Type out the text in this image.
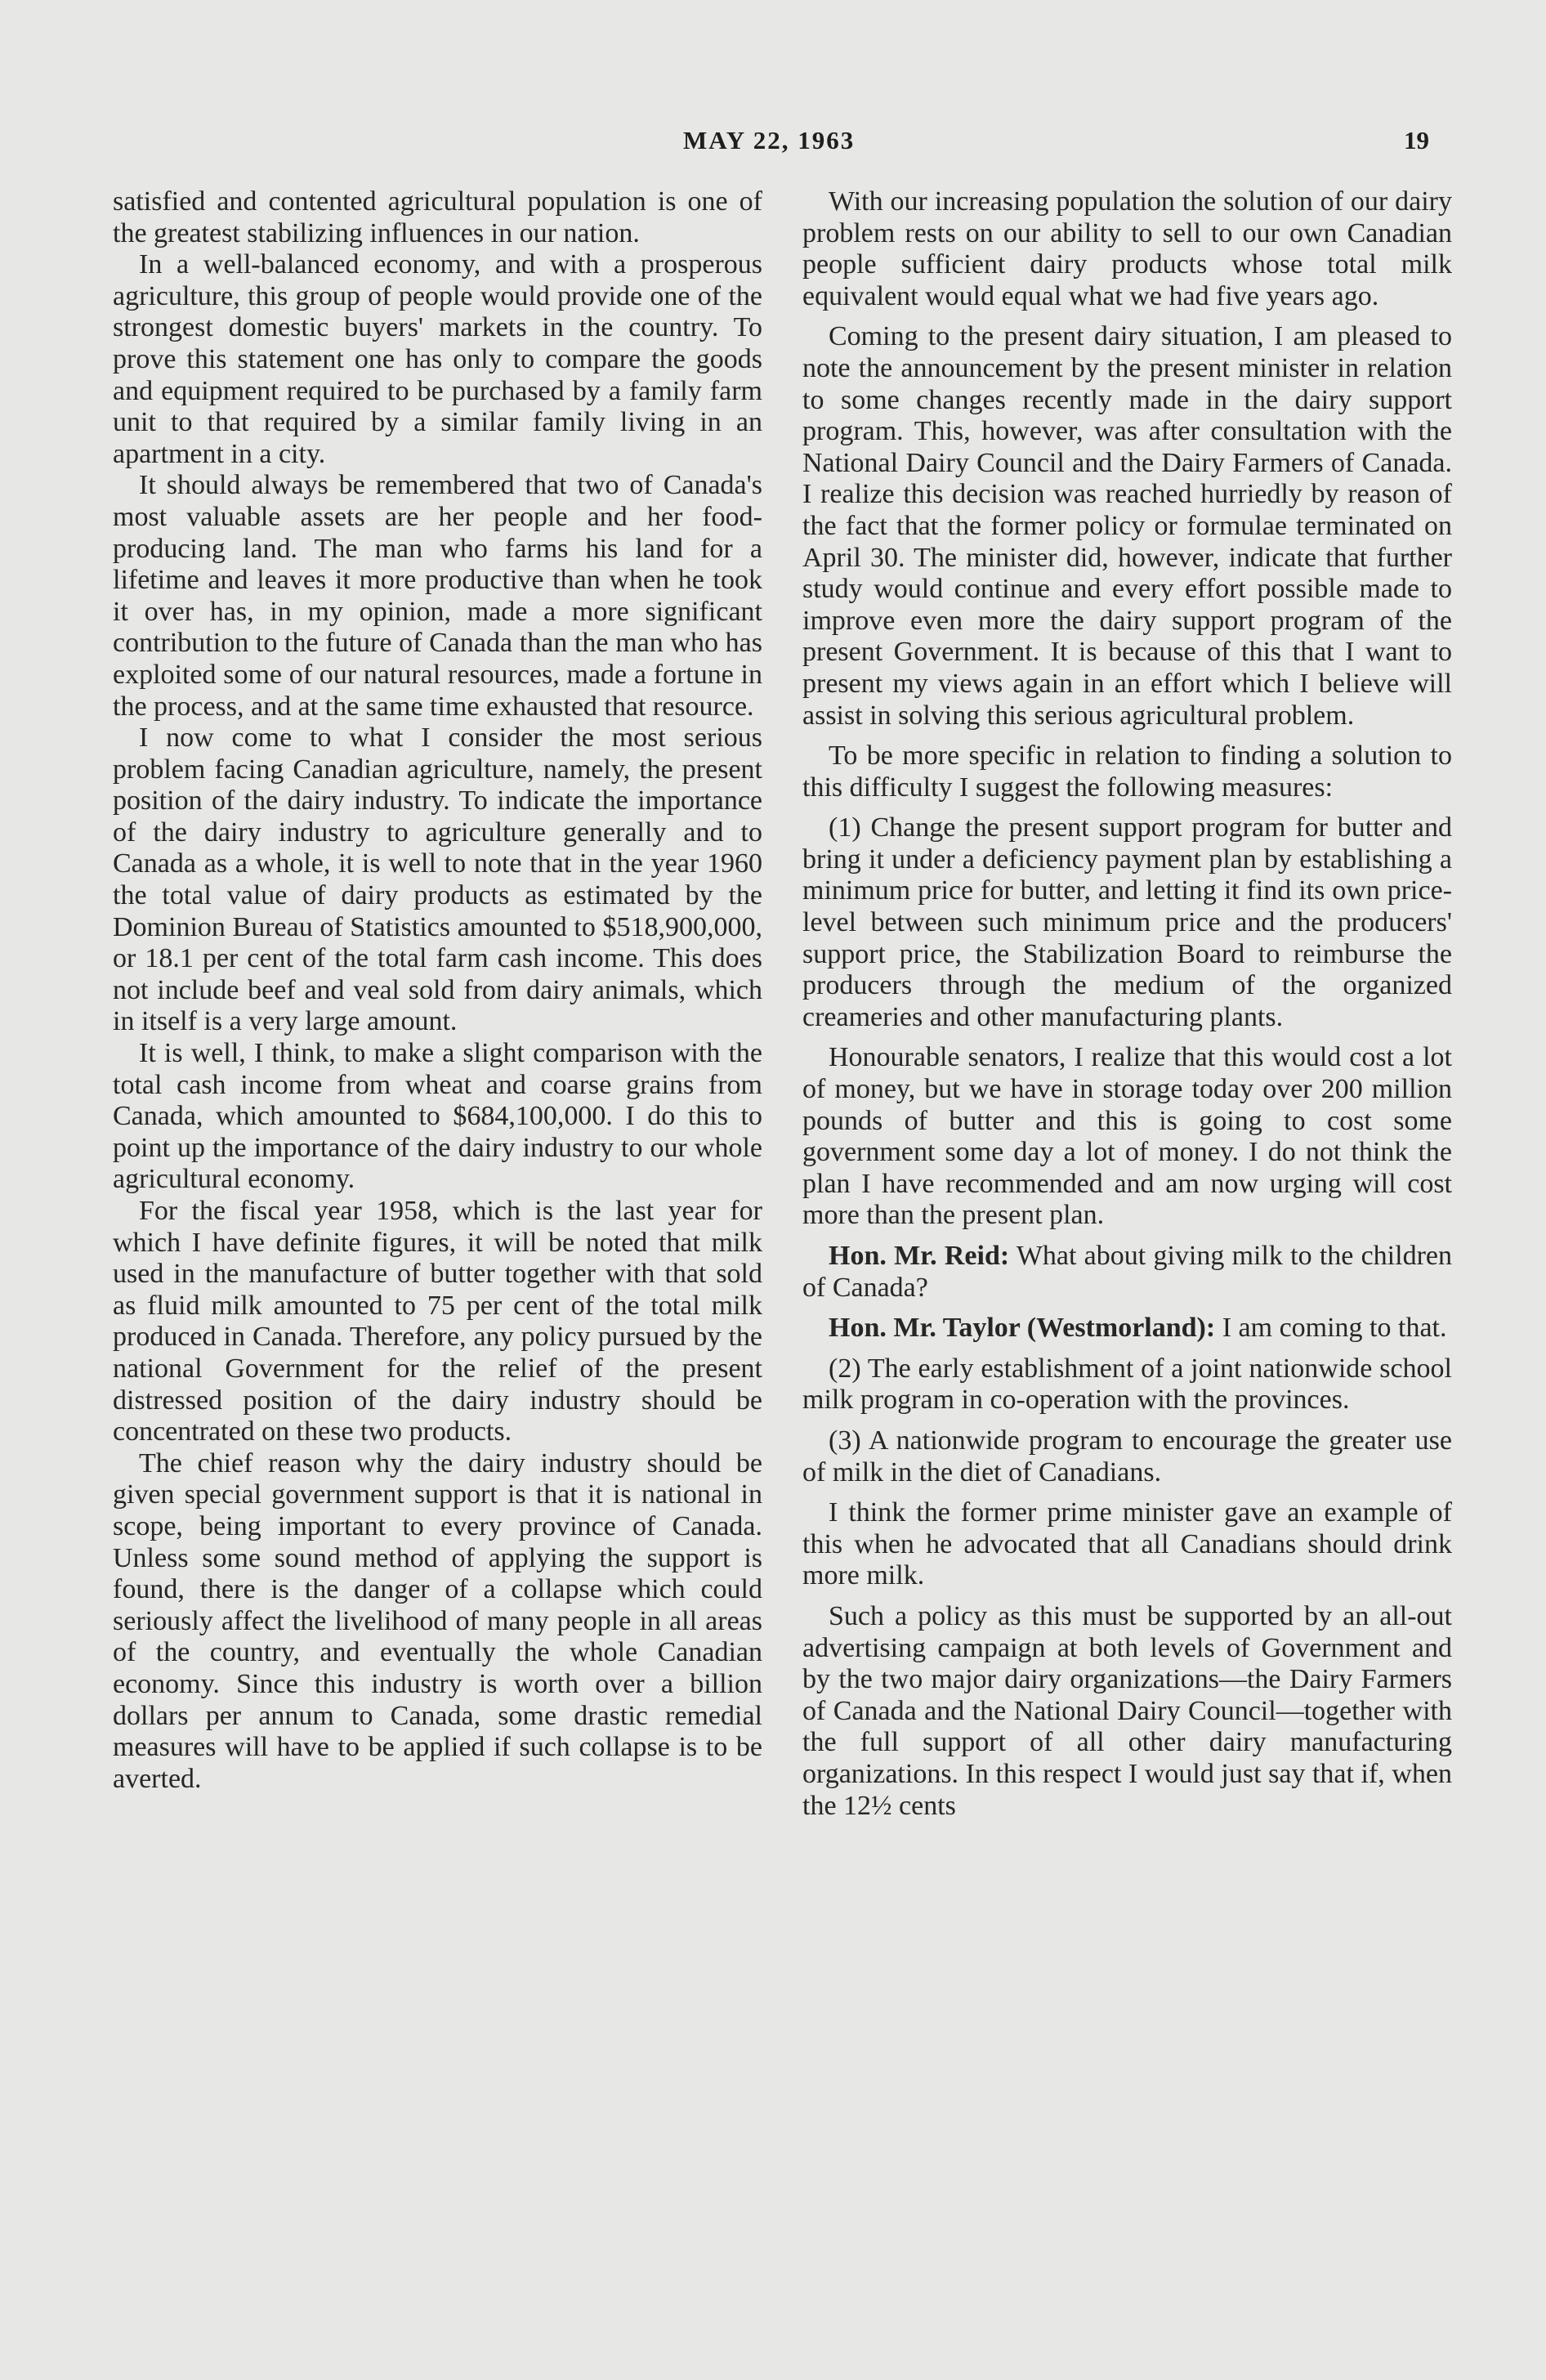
MAY 22, 1963	19

satisfied and contented agricultural population is one of the greatest stabilizing influences in our nation.

In a well-balanced economy, and with a prosperous agriculture, this group of people would provide one of the strongest domestic buyers' markets in the country. To prove this statement one has only to compare the goods and equipment required to be purchased by a family farm unit to that required by a similar family living in an apartment in a city.

It should always be remembered that two of Canada's most valuable assets are her people and her food-producing land. The man who farms his land for a lifetime and leaves it more productive than when he took it over has, in my opinion, made a more significant contribution to the future of Canada than the man who has exploited some of our natural resources, made a fortune in the process, and at the same time exhausted that resource.

I now come to what I consider the most serious problem facing Canadian agriculture, namely, the present position of the dairy industry. To indicate the importance of the dairy industry to agriculture generally and to Canada as a whole, it is well to note that in the year 1960 the total value of dairy products as estimated by the Dominion Bureau of Statistics amounted to $518,900,000, or 18.1 per cent of the total farm cash income. This does not include beef and veal sold from dairy animals, which in itself is a very large amount.

It is well, I think, to make a slight comparison with the total cash income from wheat and coarse grains from Canada, which amounted to $684,100,000. I do this to point up the importance of the dairy industry to our whole agricultural economy.

For the fiscal year 1958, which is the last year for which I have definite figures, it will be noted that milk used in the manufacture of butter together with that sold as fluid milk amounted to 75 per cent of the total milk produced in Canada. Therefore, any policy pursued by the national Government for the relief of the present distressed position of the dairy industry should be concentrated on these two products.

The chief reason why the dairy industry should be given special government support is that it is national in scope, being important to every province of Canada. Unless some sound method of applying the support is found, there is the danger of a collapse which could seriously affect the livelihood of many people in all areas of the country, and eventually the whole Canadian economy. Since this industry is worth over a billion dollars per annum to Canada, some drastic remedial measures will have to be applied if such collapse is to be averted.

With our increasing population the solution of our dairy problem rests on our ability to sell to our own Canadian people sufficient dairy products whose total milk equivalent would equal what we had five years ago.

Coming to the present dairy situation, I am pleased to note the announcement by the present minister in relation to some changes recently made in the dairy support program. This, however, was after consultation with the National Dairy Council and the Dairy Farmers of Canada. I realize this decision was reached hurriedly by reason of the fact that the former policy or formulae terminated on April 30. The minister did, however, indicate that further study would continue and every effort possible made to improve even more the dairy support program of the present Government. It is because of this that I want to present my views again in an effort which I believe will assist in solving this serious agricultural problem.

To be more specific in relation to finding a solution to this difficulty I suggest the following measures:

(1) Change the present support program for butter and bring it under a deficiency payment plan by establishing a minimum price for butter, and letting it find its own price-level between such minimum price and the producers' support price, the Stabilization Board to reimburse the producers through the medium of the organized creameries and other manufacturing plants.

Honourable senators, I realize that this would cost a lot of money, but we have in storage today over 200 million pounds of butter and this is going to cost some government some day a lot of money. I do not think the plan I have recommended and am now urging will cost more than the present plan.

Hon. Mr. Reid: What about giving milk to the children of Canada?

Hon. Mr. Taylor (Westmorland): I am coming to that.

(2) The early establishment of a joint nationwide school milk program in co-operation with the provinces.

(3) A nationwide program to encourage the greater use of milk in the diet of Canadians.

I think the former prime minister gave an example of this when he advocated that all Canadians should drink more milk.

Such a policy as this must be supported by an all-out advertising campaign at both levels of Government and by the two major dairy organizations—the Dairy Farmers of Canada and the National Dairy Council—together with the full support of all other dairy manufacturing organizations. In this respect I would just say that if, when the 12½ cents
